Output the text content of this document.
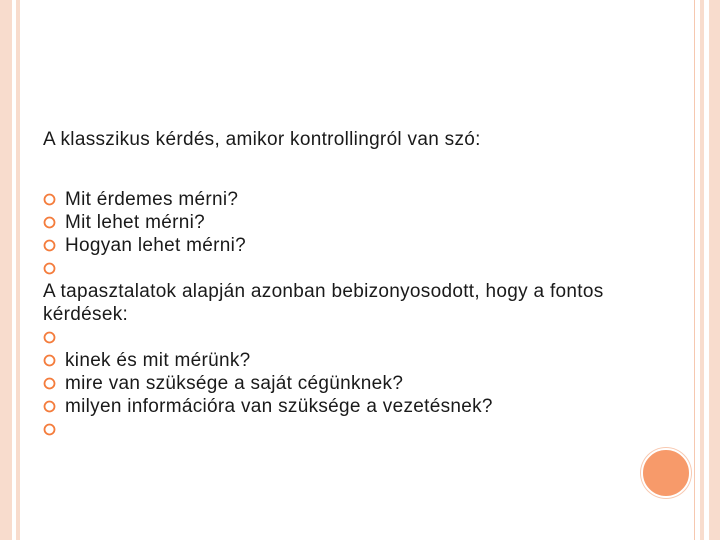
A klasszikus kérdés, amikor kontrollingról van szó:
Mit érdemes mérni?
Mit lehet mérni?
Hogyan lehet mérni?
A tapasztalatok alapján azonban bebizonyosodott, hogy a fontos kérdések:
kinek és mit mérünk?
mire van szüksége a saját cégünknek?
milyen információra van szüksége a vezetésnek?
